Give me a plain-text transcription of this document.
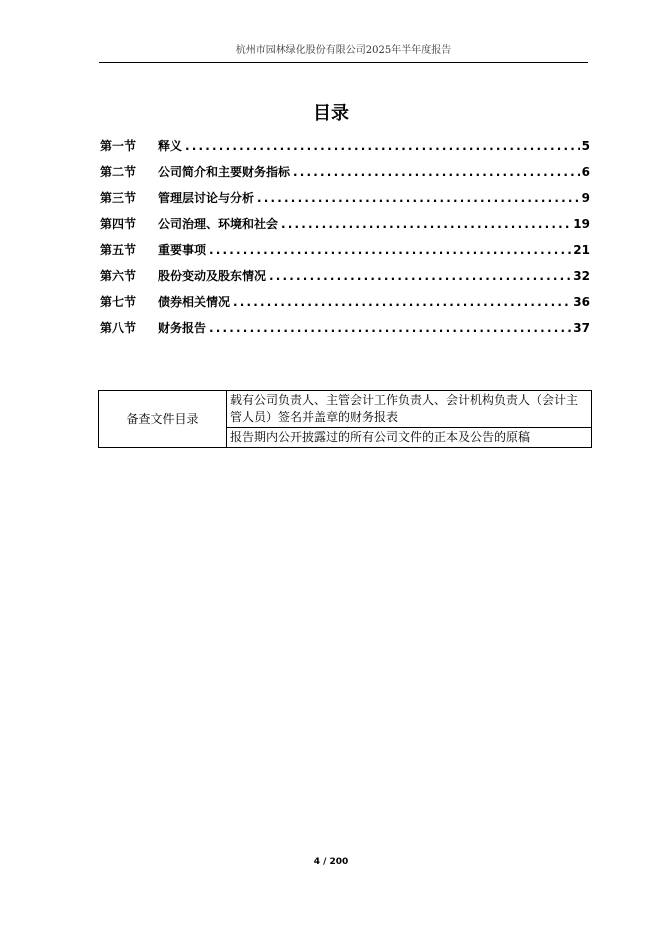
杭州市园林绿化股份有限公司2025年半年度报告
目录
第一节	释义 .....	5
第二节	公司简介和主要财务指标 .....	6
第三节	管理层讨论与分析 .....	9
第四节	公司治理、环境和社会 .....	19
第五节	重要事项 .....	21
第六节	股份变动及股东情况 .....	32
第七节	债券相关情况 .....	36
第八节	财务报告 .....	37
备查文件目录	载有公司负责人、主管会计工作负责人、会计机构负责人（会计主管人员）签名并盖章的财务报表
报告期内公开披露过的所有公司文件的正本及公告的原稿
4 / 200
